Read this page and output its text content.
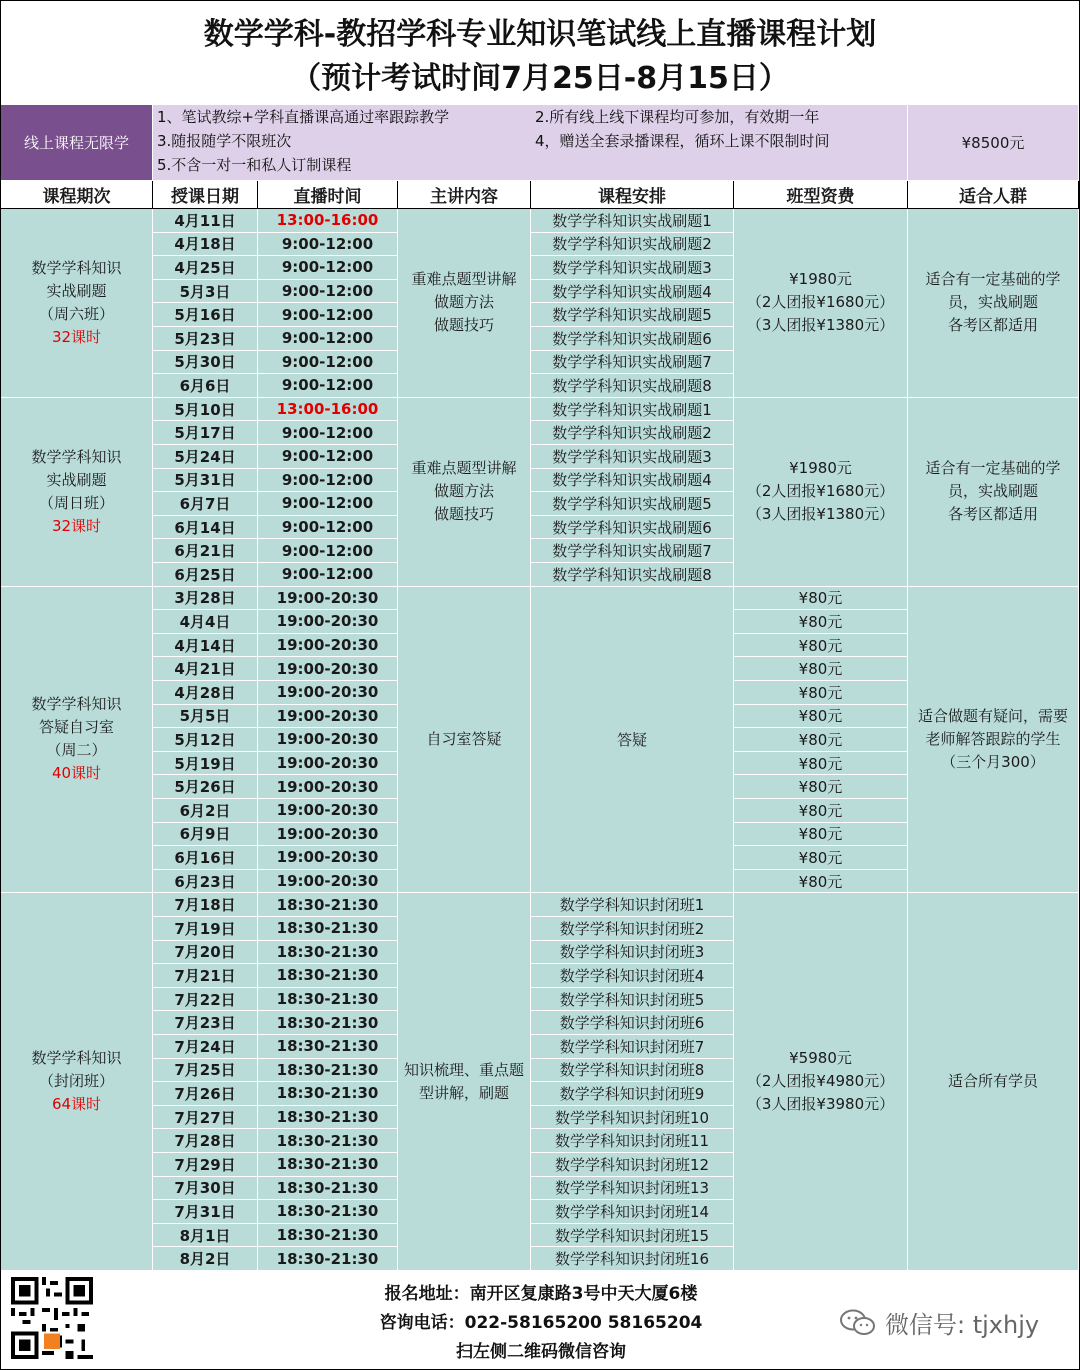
数学学科-教招学科专业知识笔试线上直播课程计划
（预计考试时间7月25日-8月15日）
线上课程无限学
1、笔试教综+学科直播课高通过率跟踪教学
3.随报随学不限班次
5.不含一对一和私人订制课程
2.所有线上线下课程均可参加，有效期一年
4，赠送全套录播课程，循环上课不限制时间	¥8500元
课程期次	授课日期	直播时间	主讲内容	课程安排	班型资费	适合人群
数学学科知识
实战刷题
（周六班）
32课时
4月11日	13:00-16:00	数学学科知识实战刷题1
4月18日	9:00-12:00	数学学科知识实战刷题2
4月25日	9:00-12:00	数学学科知识实战刷题3
5月3日	9:00-12:00	数学学科知识实战刷题4
5月16日	9:00-12:00	数学学科知识实战刷题5
5月23日	9:00-12:00	数学学科知识实战刷题6
5月30日	9:00-12:00	数学学科知识实战刷题7
6月6日	9:00-12:00	数学学科知识实战刷题8
重难点题型讲解
做题方法
做题技巧
¥1980元
（2人团报¥1680元）
（3人团报¥1380元）
适合有一定基础的学
员，实战刷题
各考区都适用
数学学科知识
实战刷题
（周日班）
32课时
5月10日	13:00-16:00	数学学科知识实战刷题1
5月17日	9:00-12:00	数学学科知识实战刷题2
5月24日	9:00-12:00	数学学科知识实战刷题3
5月31日	9:00-12:00	数学学科知识实战刷题4
6月7日	9:00-12:00	数学学科知识实战刷题5
6月14日	9:00-12:00	数学学科知识实战刷题6
6月21日	9:00-12:00	数学学科知识实战刷题7
6月25日	9:00-12:00	数学学科知识实战刷题8
重难点题型讲解
做题方法
做题技巧
¥1980元
（2人团报¥1680元）
（3人团报¥1380元）
适合有一定基础的学
员，实战刷题
各考区都适用
数学学科知识
答疑自习室
（周二）
40课时
3月28日	19:00-20:30	¥80元
4月4日	19:00-20:30	¥80元
4月14日	19:00-20:30	¥80元
4月21日	19:00-20:30	¥80元
4月28日	19:00-20:30	¥80元
5月5日	19:00-20:30	¥80元
5月12日	19:00-20:30	¥80元
5月19日	19:00-20:30	¥80元
5月26日	19:00-20:30	¥80元
6月2日	19:00-20:30	¥80元
6月9日	19:00-20:30	¥80元
6月16日	19:00-20:30	¥80元
6月23日	19:00-20:30	¥80元
自习室答疑	答疑
适合做题有疑问，需要
老师解答跟踪的学生
（三个月300）
数学学科知识
（封闭班）
64课时
7月18日	18:30-21:30	数学学科知识封闭班1
7月19日	18:30-21:30	数学学科知识封闭班2
7月20日	18:30-21:30	数学学科知识封闭班3
7月21日	18:30-21:30	数学学科知识封闭班4
7月22日	18:30-21:30	数学学科知识封闭班5
7月23日	18:30-21:30	数学学科知识封闭班6
7月24日	18:30-21:30	数学学科知识封闭班7
7月25日	18:30-21:30	数学学科知识封闭班8
7月26日	18:30-21:30	数学学科知识封闭班9
7月27日	18:30-21:30	数学学科知识封闭班10
7月28日	18:30-21:30	数学学科知识封闭班11
7月29日	18:30-21:30	数学学科知识封闭班12
7月30日	18:30-21:30	数学学科知识封闭班13
7月31日	18:30-21:30	数学学科知识封闭班14
8月1日	18:30-21:30	数学学科知识封闭班15
8月2日	18:30-21:30	数学学科知识封闭班16
知识梳理、重点题
型讲解，刷题
¥5980元
（2人团报¥4980元）
（3人团报¥3980元）
适合所有学员
报名地址：南开区复康路3号中天大厦6楼
咨询电话：022-58165200 58165204
扫左侧二维码微信咨询
微信号: tjxhjy
